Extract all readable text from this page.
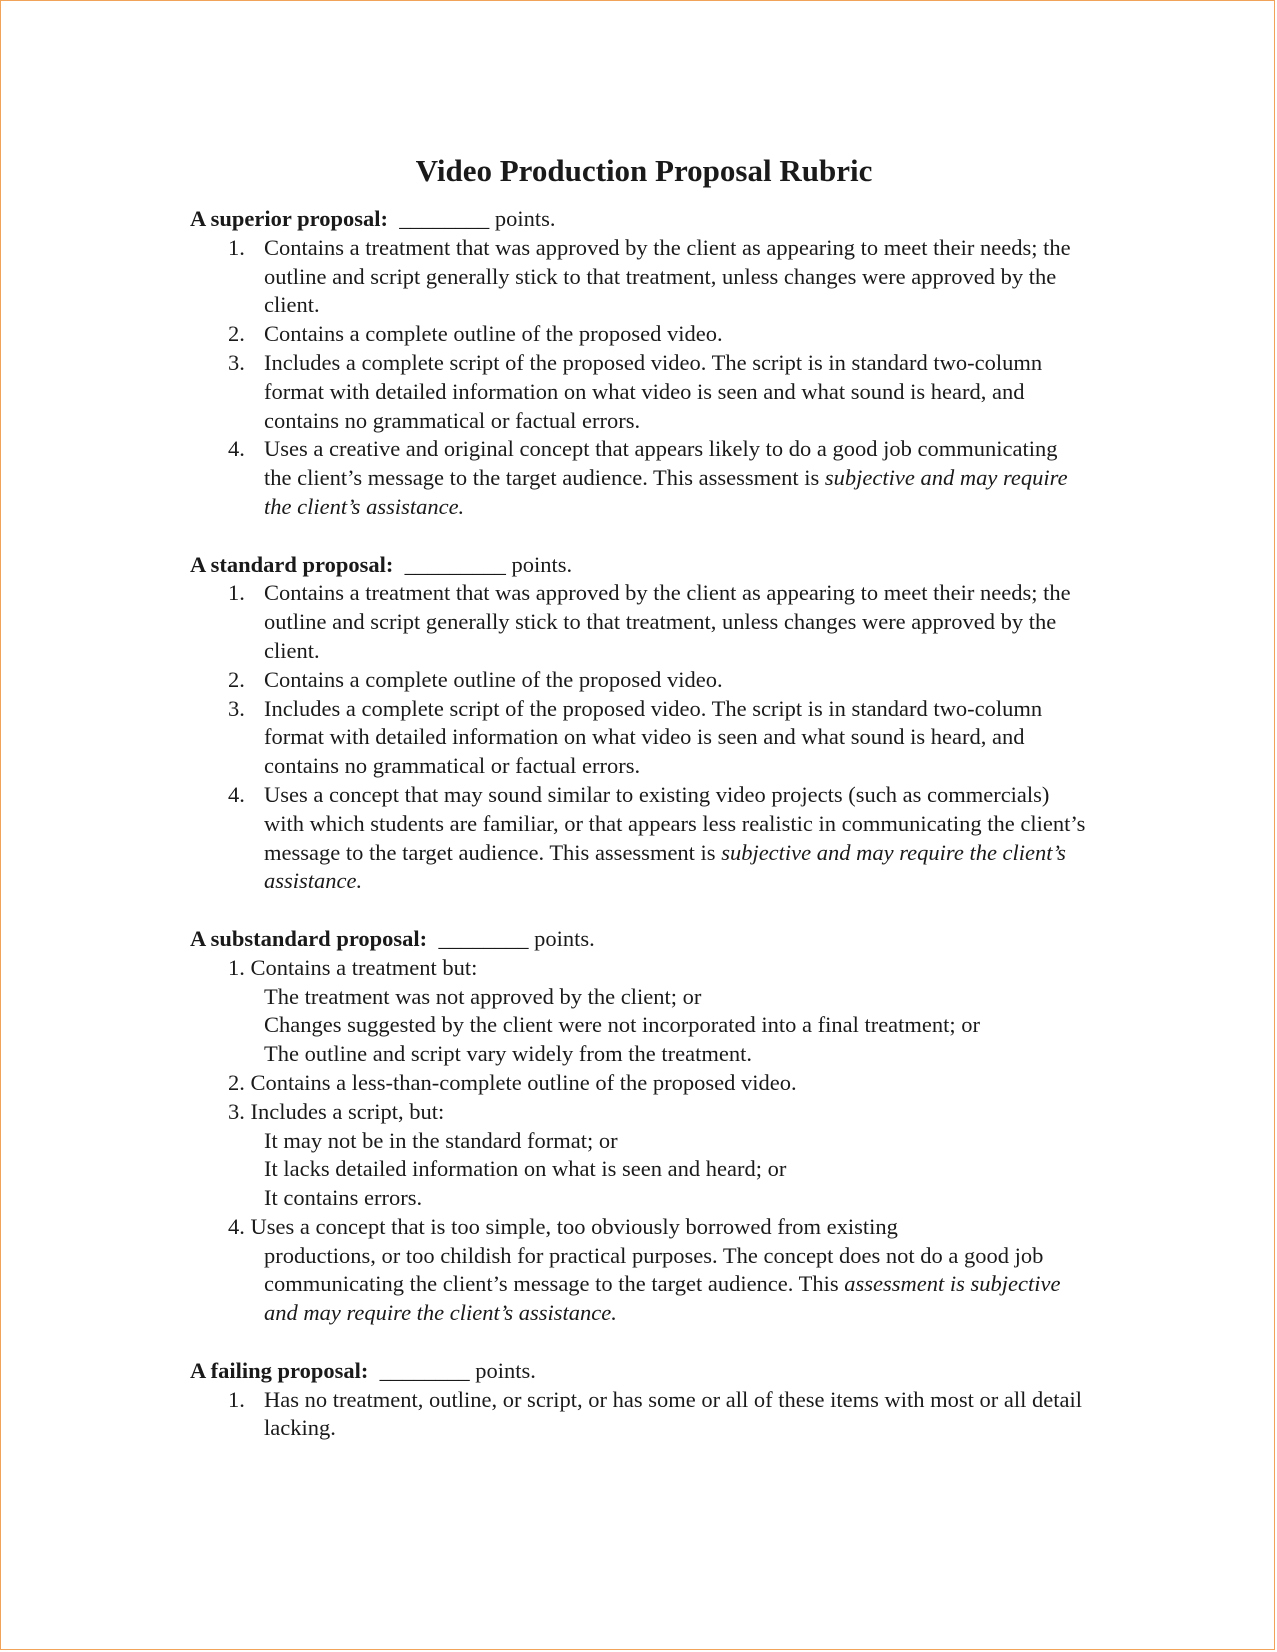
Video Production Proposal Rubric
A superior proposal: ________ points.
1. Contains a treatment that was approved by the client as appearing to meet their needs; the outline and script generally stick to that treatment, unless changes were approved by the client.
2. Contains a complete outline of the proposed video.
3. Includes a complete script of the proposed video. The script is in standard two-column format with detailed information on what video is seen and what sound is heard, and contains no grammatical or factual errors.
4. Uses a creative and original concept that appears likely to do a good job communicating the client’s message to the target audience. This assessment is subjective and may require the client’s assistance.
A standard proposal: _________ points.
1. Contains a treatment that was approved by the client as appearing to meet their needs; the outline and script generally stick to that treatment, unless changes were approved by the client.
2. Contains a complete outline of the proposed video.
3. Includes a complete script of the proposed video. The script is in standard two-column format with detailed information on what video is seen and what sound is heard, and contains no grammatical or factual errors.
4. Uses a concept that may sound similar to existing video projects (such as commercials) with which students are familiar, or that appears less realistic in communicating the client’s message to the target audience. This assessment is subjective and may require the client’s assistance.
A substandard proposal: ________ points.
1. Contains a treatment but:
The treatment was not approved by the client; or
Changes suggested by the client were not incorporated into a final treatment; or
The outline and script vary widely from the treatment.
2. Contains a less-than-complete outline of the proposed video.
3. Includes a script, but:
It may not be in the standard format; or
It lacks detailed information on what is seen and heard; or
It contains errors.
4. Uses a concept that is too simple, too obviously borrowed from existing
productions, or too childish for practical purposes. The concept does not do a good job communicating the client’s message to the target audience. This assessment is subjective and may require the client’s assistance.
A failing proposal: ________ points.
1. Has no treatment, outline, or script, or has some or all of these items with most or all detail lacking.
